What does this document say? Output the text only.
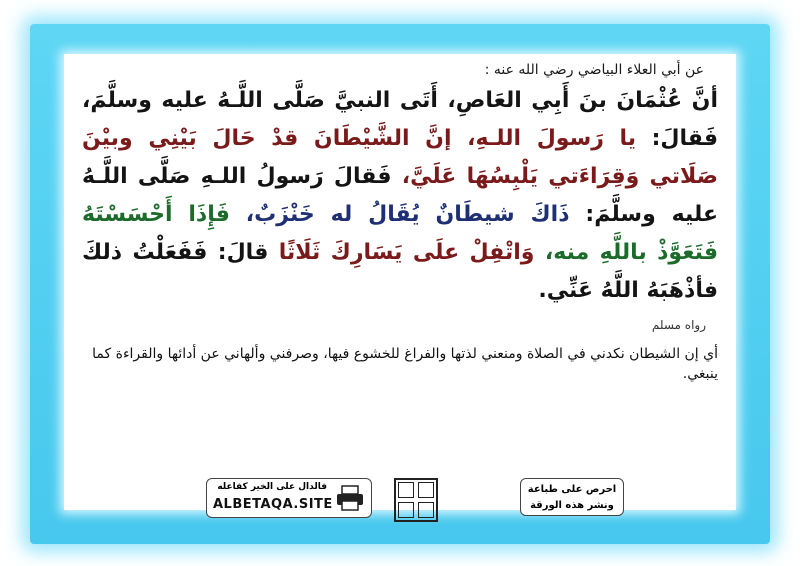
عن أبي العلاء البياضي رضي الله عنه :
أنَّ عُثْمَانَ بنَ أَبِي العَاصِ، أَتَى النبيَّ صَلَّى اللَّـهُ عليه وسلَّمَ، فَقالَ: يا رَسولَ اللـهِ، إنَّ الشَّيْطَانَ قدْ حَالَ بَيْنِي وبيْنَ صَلَاتي وَقِرَاءَتي يَلْبِسُهَا عَلَيَّ، فَقالَ رَسولُ اللـهِ صَلَّى اللَّـهُ عليه وسلَّمَ: ذَاكَ شيطَانٌ يُقَالُ له خَنْزَبٌ، فَإِذَا أَحْسَسْتَهُ فَتَعَوَّذْ باللَّهِ منه، وَاتْفِلْ علَى يَسَارِكَ ثَلَاثًا قالَ: فَفَعَلْتُ ذلكَ فأذْهَبَهُ اللَّهُ عَنِّي.
رواه مسلم
أي إن الشيطان نكدني في الصلاة ومنعني لذتها والفراغ للخشوع فيها، وصرفني وألهاني عن أدائها والقراءة كما ينبغي.
احرص على طباعة
ونشر هذه الورقة
فالدال على الخير كفاعله
ALBETAQA.SITE
